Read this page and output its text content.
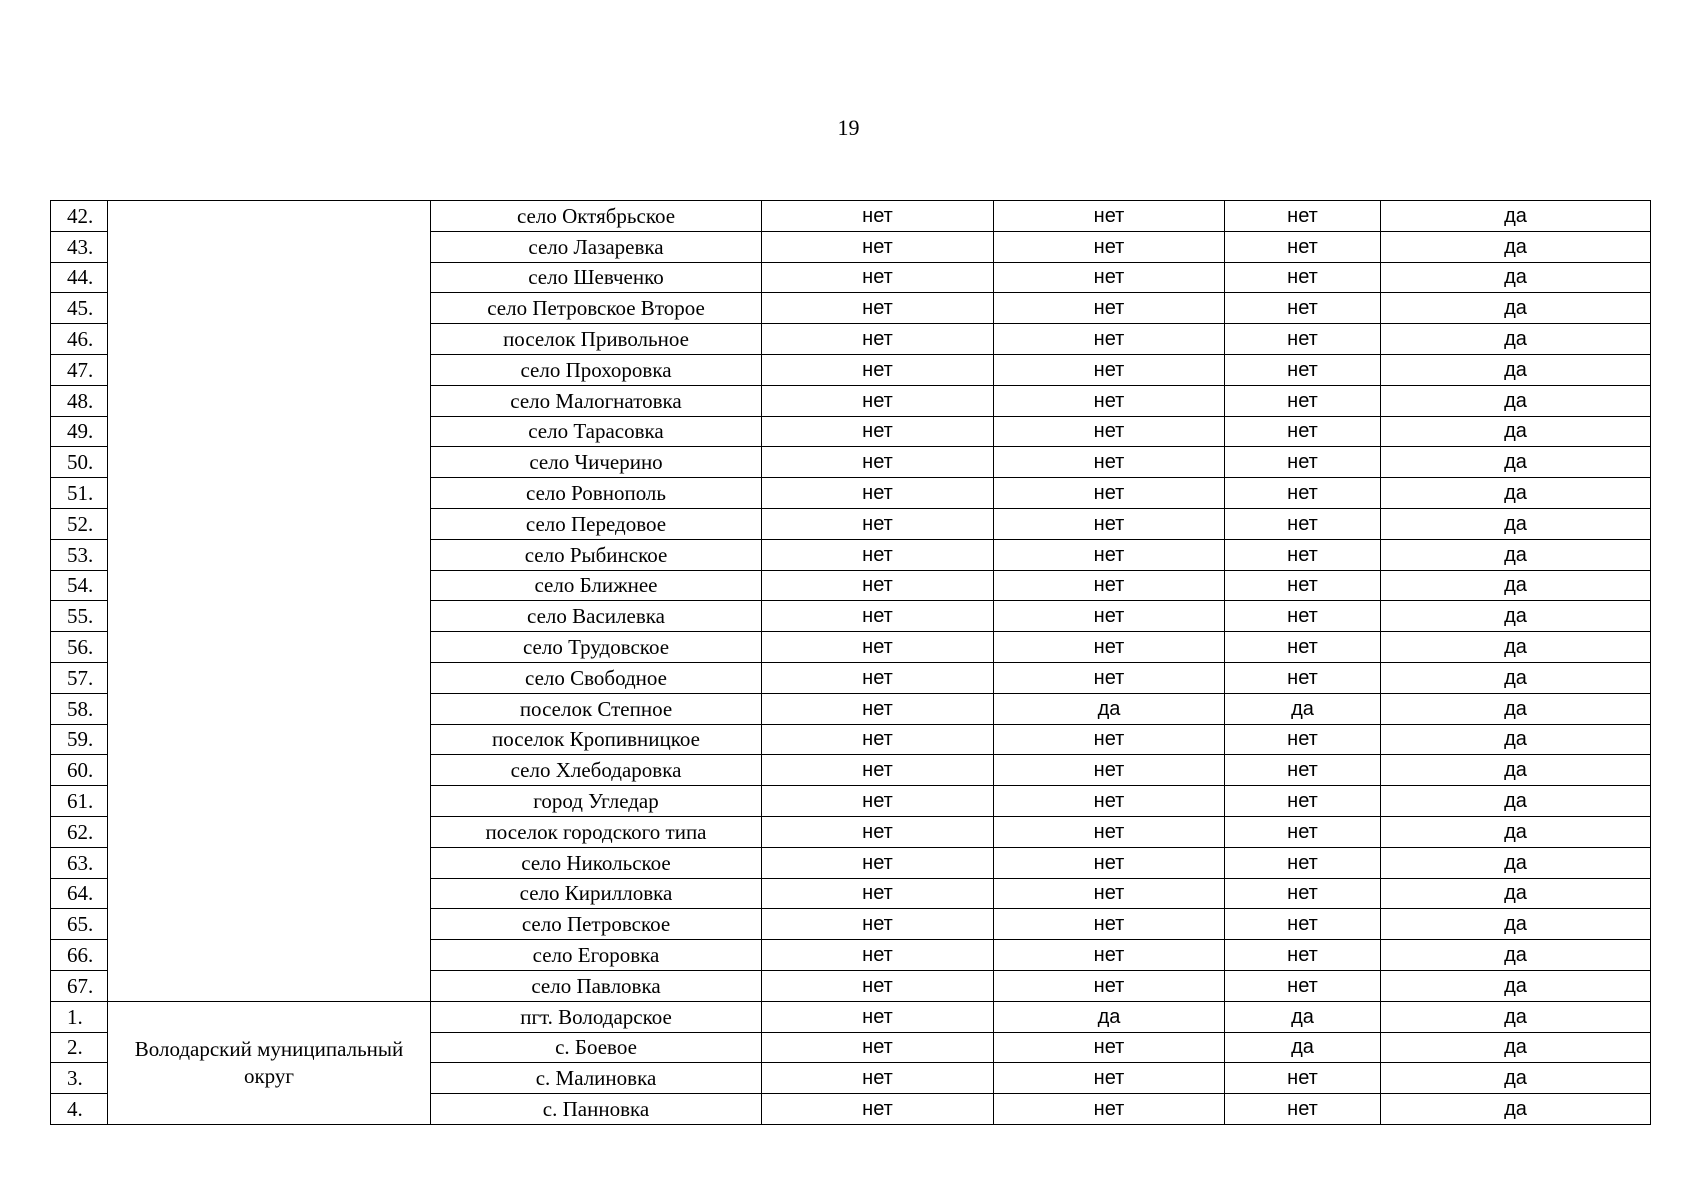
19
42.		село Октябрьское	нет	нет	нет	да
43.		село Лазаревка	нет	нет	нет	да
44.		село Шевченко	нет	нет	нет	да
45.		село Петровское Второе	нет	нет	нет	да
46.		поселок Привольное	нет	нет	нет	да
47.		село Прохоровка	нет	нет	нет	да
48.		село Малогнатовка	нет	нет	нет	да
49.		село Тарасовка	нет	нет	нет	да
50.		село Чичерино	нет	нет	нет	да
51.		село Ровнополь	нет	нет	нет	да
52.		село Передовое	нет	нет	нет	да
53.		село Рыбинское	нет	нет	нет	да
54.		село Ближнее	нет	нет	нет	да
55.		село Василевка	нет	нет	нет	да
56.		село Трудовское	нет	нет	нет	да
57.		село Свободное	нет	нет	нет	да
58.		поселок Степное	нет	да	да	да
59.		поселок Кропивницкое	нет	нет	нет	да
60.		село Хлебодаровка	нет	нет	нет	да
61.		город Угледар	нет	нет	нет	да
62.		поселок городского типа	нет	нет	нет	да
63.		село Никольское	нет	нет	нет	да
64.		село Кирилловка	нет	нет	нет	да
65.		село Петровское	нет	нет	нет	да
66.		село Егоровка	нет	нет	нет	да
67.		село Павловка	нет	нет	нет	да
1.	Володарский муниципальный округ	пгт. Володарское	нет	да	да	да
2.		с. Боевое	нет	нет	да	да
3.		с. Малиновка	нет	нет	нет	да
4.		с. Панновка	нет	нет	нет	да
